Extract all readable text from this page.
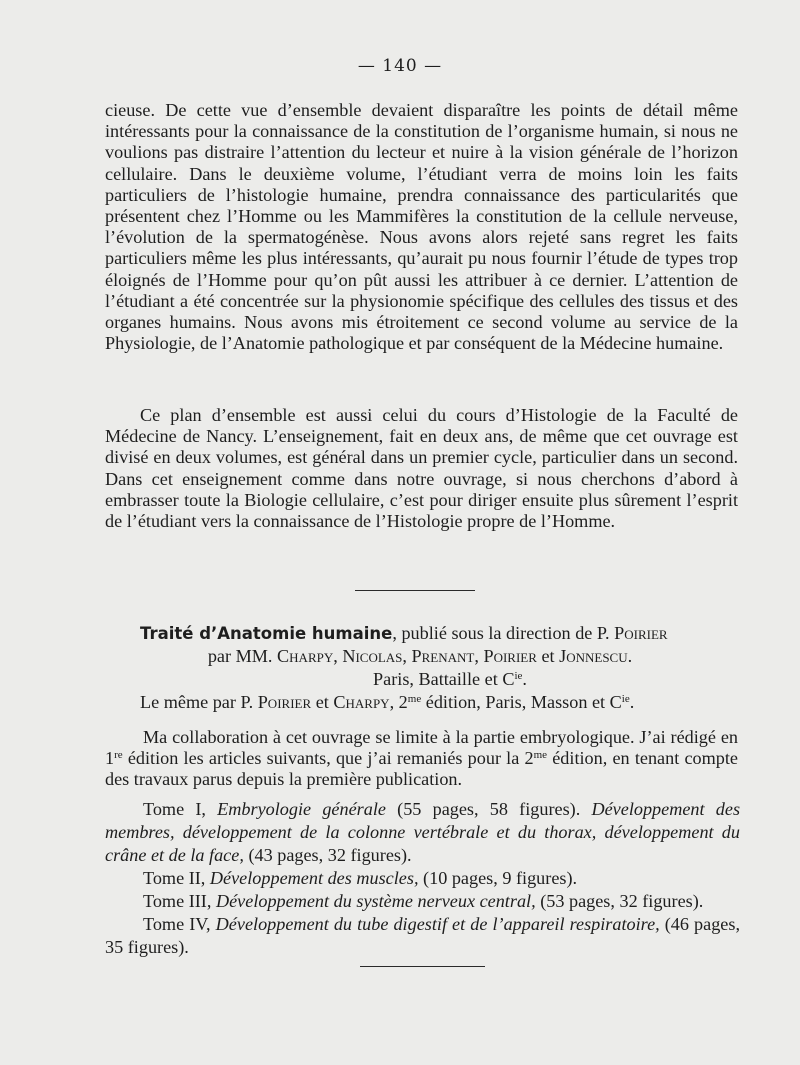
— 140 —

cieuse. De cette vue d’ensemble devaient disparaître les points de détail même intéressants pour la connaissance de la constitution de l’organisme humain, si nous ne voulions pas distraire l’attention du lecteur et nuire à la vision générale de l’horizon cellulaire. Dans le deuxième volume, l’étudiant verra de moins loin les faits particuliers de l’histologie humaine, prendra connaissance des particularités que présentent chez l’Homme ou les Mammifères la constitution de la cellule nerveuse, l’évolution de la spermatogénèse. Nous avons alors rejeté sans regret les faits particuliers même les plus intéressants, qu’aurait pu nous fournir l’étude de types trop éloignés de l’Homme pour qu’on pût aussi les attribuer à ce dernier. L’attention de l’étudiant a été concentrée sur la physionomie spécifique des cellules des tissus et des organes humains. Nous avons mis étroitement ce second volume au service de la Physiologie, de l’Anatomie pathologique et par conséquent de la Médecine humaine.

Ce plan d’ensemble est aussi celui du cours d’Histologie de la Faculté de Médecine de Nancy. L’enseignement, fait en deux ans, de même que cet ouvrage est divisé en deux volumes, est général dans un premier cycle, particulier dans un second. Dans cet enseignement comme dans notre ouvrage, si nous cherchons d’abord à embrasser toute la Biologie cellulaire, c’est pour diriger ensuite plus sûrement l’esprit de l’étudiant vers la connaissance de l’Histologie propre de l’Homme.

Traité d’Anatomie humaine, publié sous la direction de P. Poirier
par MM. Charpy, Nicolas, Prenant, Poirier et Jonnescu.
Paris, Battaille et $C^{ie}$.
Le même par P. Poirier et Charpy, $2^{me}$ édition, Paris, Masson et $C^{ie}$.

Ma collaboration à cet ouvrage se limite à la partie embryologique. J’ai rédigé en 1re édition les articles suivants, que j’ai remaniés pour la $2^{me}$ édition, en tenant compte des travaux parus depuis la première publication.

Tome I, Embryologie générale (55 pages, 58 figures). Développement des membres, développement de la colonne vertébrale et du thorax, développement du crâne et de la face, (43 pages, 32 figures).

Tome II, Développement des muscles, (10 pages, 9 figures).

Tome III, Développement du système nerveux central, (53 pages, 32 figures).

Tome IV, Développement du tube digestif et de l’appareil respiratoire, (46 pages, 35 figures).
